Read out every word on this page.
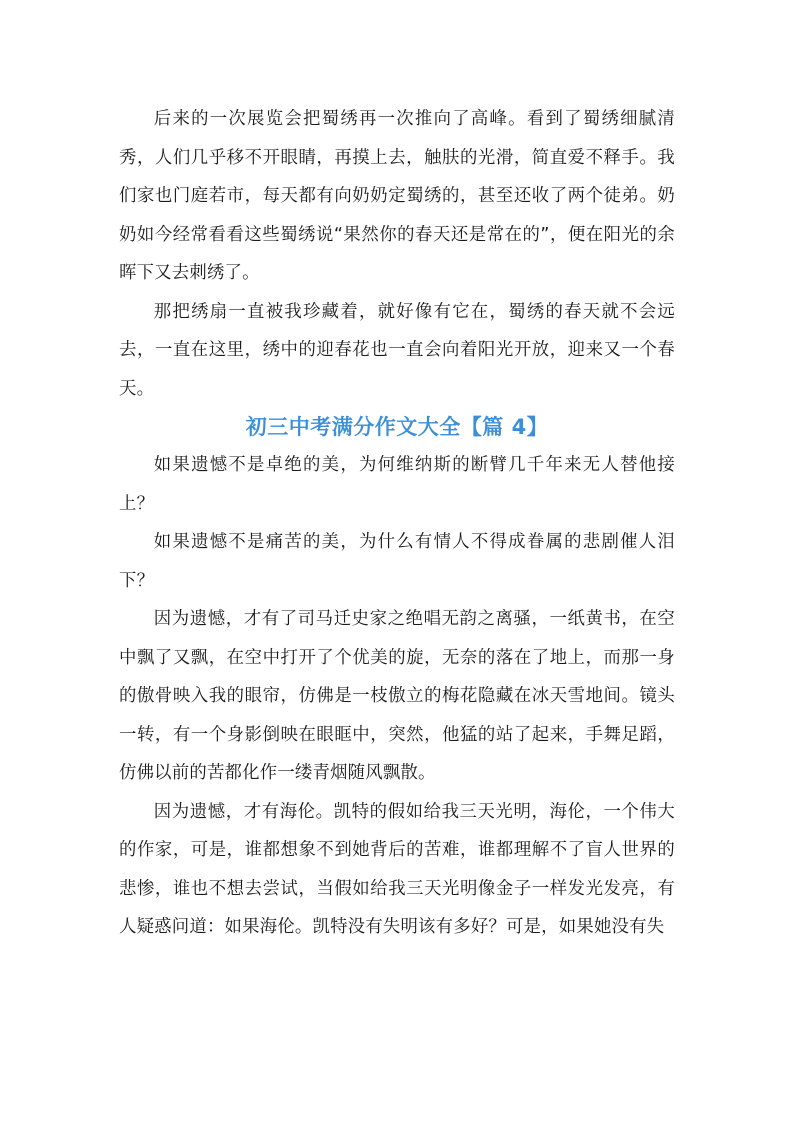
后来的一次展览会把蜀绣再一次推向了高峰。看到了蜀绣细腻清秀，人们几乎移不开眼睛，再摸上去，触肤的光滑，简直爱不释手。我们家也门庭若市，每天都有向奶奶定蜀绣的，甚至还收了两个徒弟。奶奶如今经常看看这些蜀绣说“果然你的春天还是常在的”，便在阳光的余晖下又去刺绣了。

那把绣扇一直被我珍藏着，就好像有它在，蜀绣的春天就不会远去，一直在这里，绣中的迎春花也一直会向着阳光开放，迎来又一个春天。

初三中考满分作文大全【篇 4】

如果遗憾不是卓绝的美，为何维纳斯的断臂几千年来无人替他接上？

如果遗憾不是痛苦的美，为什么有情人不得成眷属的悲剧催人泪下？

因为遗憾，才有了司马迁史家之绝唱无韵之离骚，一纸黄书，在空中飘了又飘，在空中打开了个优美的旋，无奈的落在了地上，而那一身的傲骨映入我的眼帘，仿佛是一枝傲立的梅花隐藏在冰天雪地间。镜头一转，有一个身影倒映在眼眶中，突然，他猛的站了起来，手舞足蹈，仿佛以前的苦都化作一缕青烟随风飘散。

因为遗憾，才有海伦。凯特的假如给我三天光明，海伦，一个伟大的作家，可是，谁都想象不到她背后的苦难，谁都理解不了盲人世界的悲惨，谁也不想去尝试，当假如给我三天光明像金子一样发光发亮，有人疑惑问道：如果海伦。凯特没有失明该有多好？可是，如果她没有失
